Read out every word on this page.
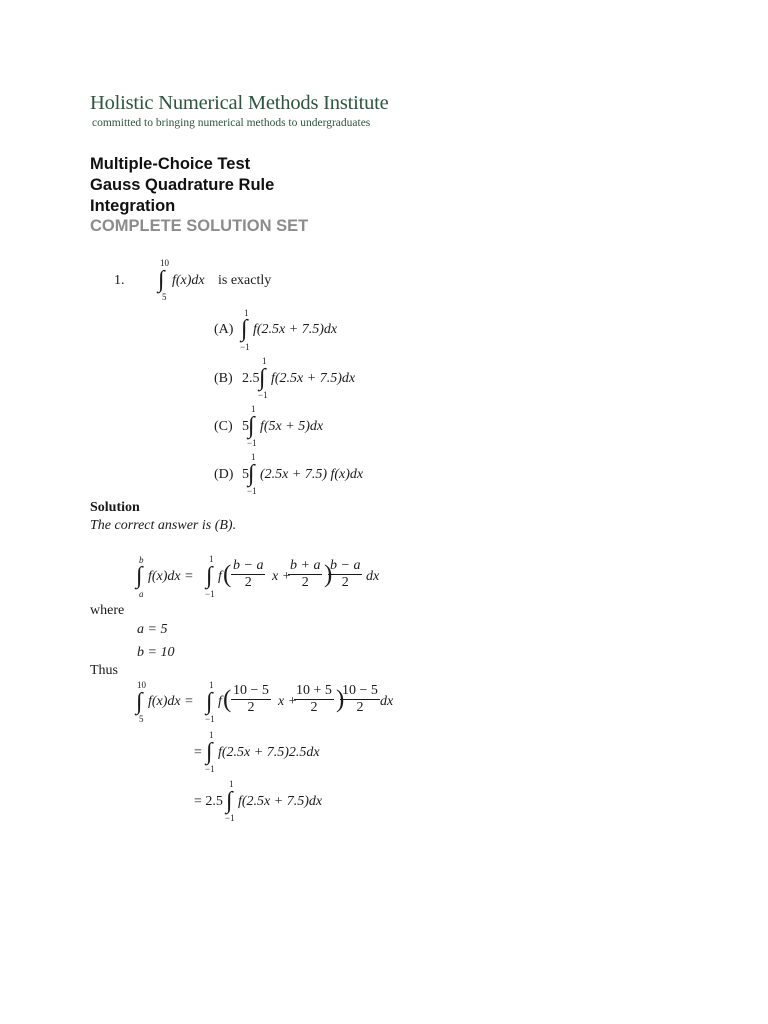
Holistic Numerical Methods Institute
committed to bringing numerical methods to undergraduates
Multiple-Choice Test
Gauss Quadrature Rule
Integration
COMPLETE SOLUTION SET
1.
10
∫
5
f(x)dx is exactly
(A)
1
∫
−1
f(2.5x + 7.5)dx
(B) 2.5
1
∫
−1
f(2.5x + 7.5)dx
(C) 5
1
∫
−1
f(5x + 5)dx
(D) 5
1
∫
−1
(2.5x + 7.5) f(x)dx
Solution
The correct answer is (B).
b
∫
a
f(x)dx =
1
∫
−1
f ( b − a
2	x +
b + a
2 )
b − a
2	dx
where
a = 5
b = 10
Thus
10
∫
5
f(x)dx =
1
∫
−1
f ( 10 − 5
2	x +
10 + 5
2 )
10 − 5
2	dx
=
1
∫
−1
f(2.5x + 7.5)2.5dx
= 2.5
1
∫
−1
f(2.5x + 7.5)dx
